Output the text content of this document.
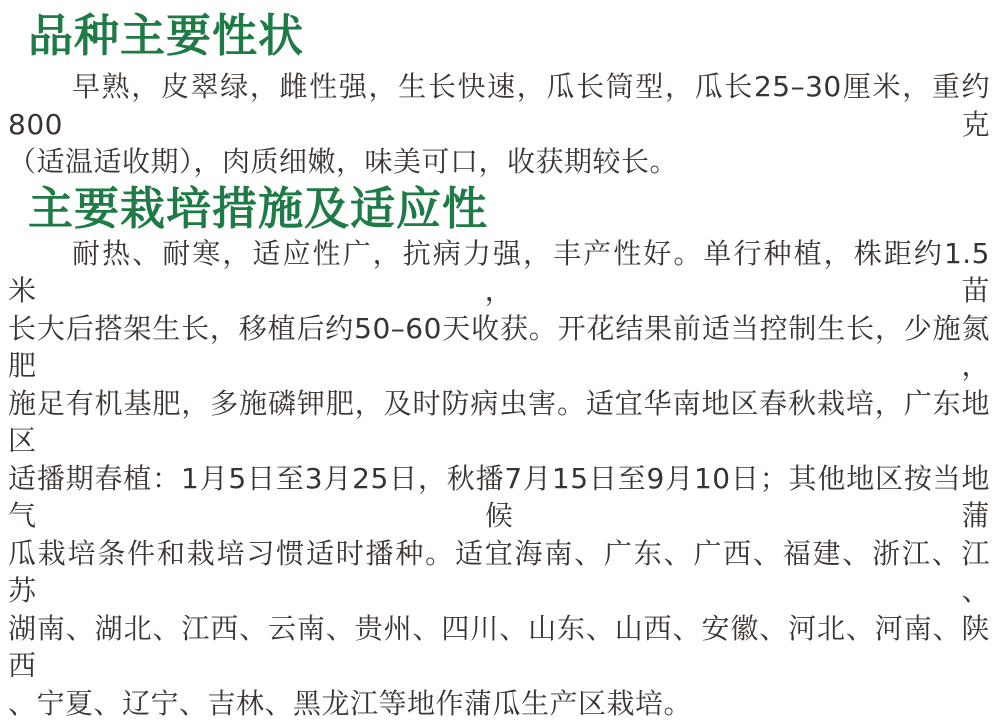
品种主要性状
早熟，皮翠绿，雌性强，生长快速，瓜长筒型，瓜长25–30厘米，重约800克
（适温适收期），肉质细嫩，味美可口，收获期较长。
主要栽培措施及适应性
耐热、耐寒，适应性广，抗病力强，丰产性好。单行种植，株距约1.5米，苗
长大后搭架生长，移植后约50–60天收获。开花结果前适当控制生长，少施氮肥，
施足有机基肥，多施磷钾肥，及时防病虫害。适宜华南地区春秋栽培，广东地区
适播期春植：1月5日至3月25日，秋播7月15日至9月10日；其他地区按当地气候蒲
瓜栽培条件和栽培习惯适时播种。适宜海南、广东、广西、福建、浙江、江苏、
湖南、湖北、江西、云南、贵州、四川、山东、山西、安徽、河北、河南、陕西
、宁夏、辽宁、吉林、黑龙江等地作蒲瓜生产区栽培。
